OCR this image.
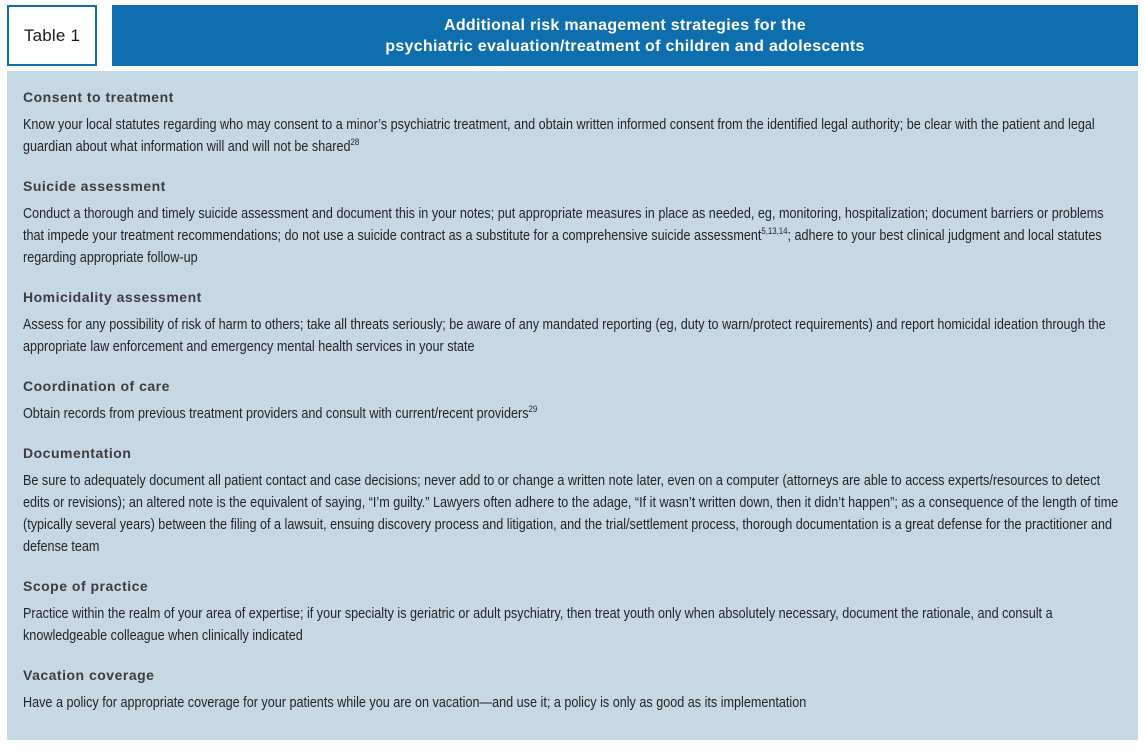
Table 1
Additional risk management strategies for the
psychiatric evaluation/treatment of children and adolescents
Consent to treatment

Know your local statutes regarding who may consent to a minor’s psychiatric treatment, and obtain written informed consent from the identified legal authority; be clear with the patient and legal guardian about what information will and will not be shared$^{28}$

Suicide assessment

Conduct a thorough and timely suicide assessment and document this in your notes; put appropriate measures in place as needed, eg, monitoring, hospitalization; document barriers or problems that impede your treatment recommendations; do not use a suicide contract as a substitute for a comprehensive suicide assessment$^{5,13,14}$; adhere to your best clinical judgment and local statutes regarding appropriate follow-up

Homicidality assessment

Assess for any possibility of risk of harm to others; take all threats seriously; be aware of any mandated reporting (eg, duty to warn/protect requirements) and report homicidal ideation through the appropriate law enforcement and emergency mental health services in your state

Coordination of care

Obtain records from previous treatment providers and consult with current/recent providers$^{29}$

Documentation

Be sure to adequately document all patient contact and case decisions; never add to or change a written note later, even on a computer (attorneys are able to access experts/resources to detect edits or revisions); an altered note is the equivalent of saying, “I’m guilty.” Lawyers often adhere to the adage, “If it wasn’t written down, then it didn’t happen”; as a consequence of the length of time (typically several years) between the filing of a lawsuit, ensuing discovery process and litigation, and the trial/settlement process, thorough documentation is a great defense for the practitioner and defense team

Scope of practice

Practice within the realm of your area of expertise; if your specialty is geriatric or adult psychiatry, then treat youth only when absolutely necessary, document the rationale, and consult a knowledgeable colleague when clinically indicated

Vacation coverage

Have a policy for appropriate coverage for your patients while you are on vacation—and use it; a policy is only as good as its implementation
